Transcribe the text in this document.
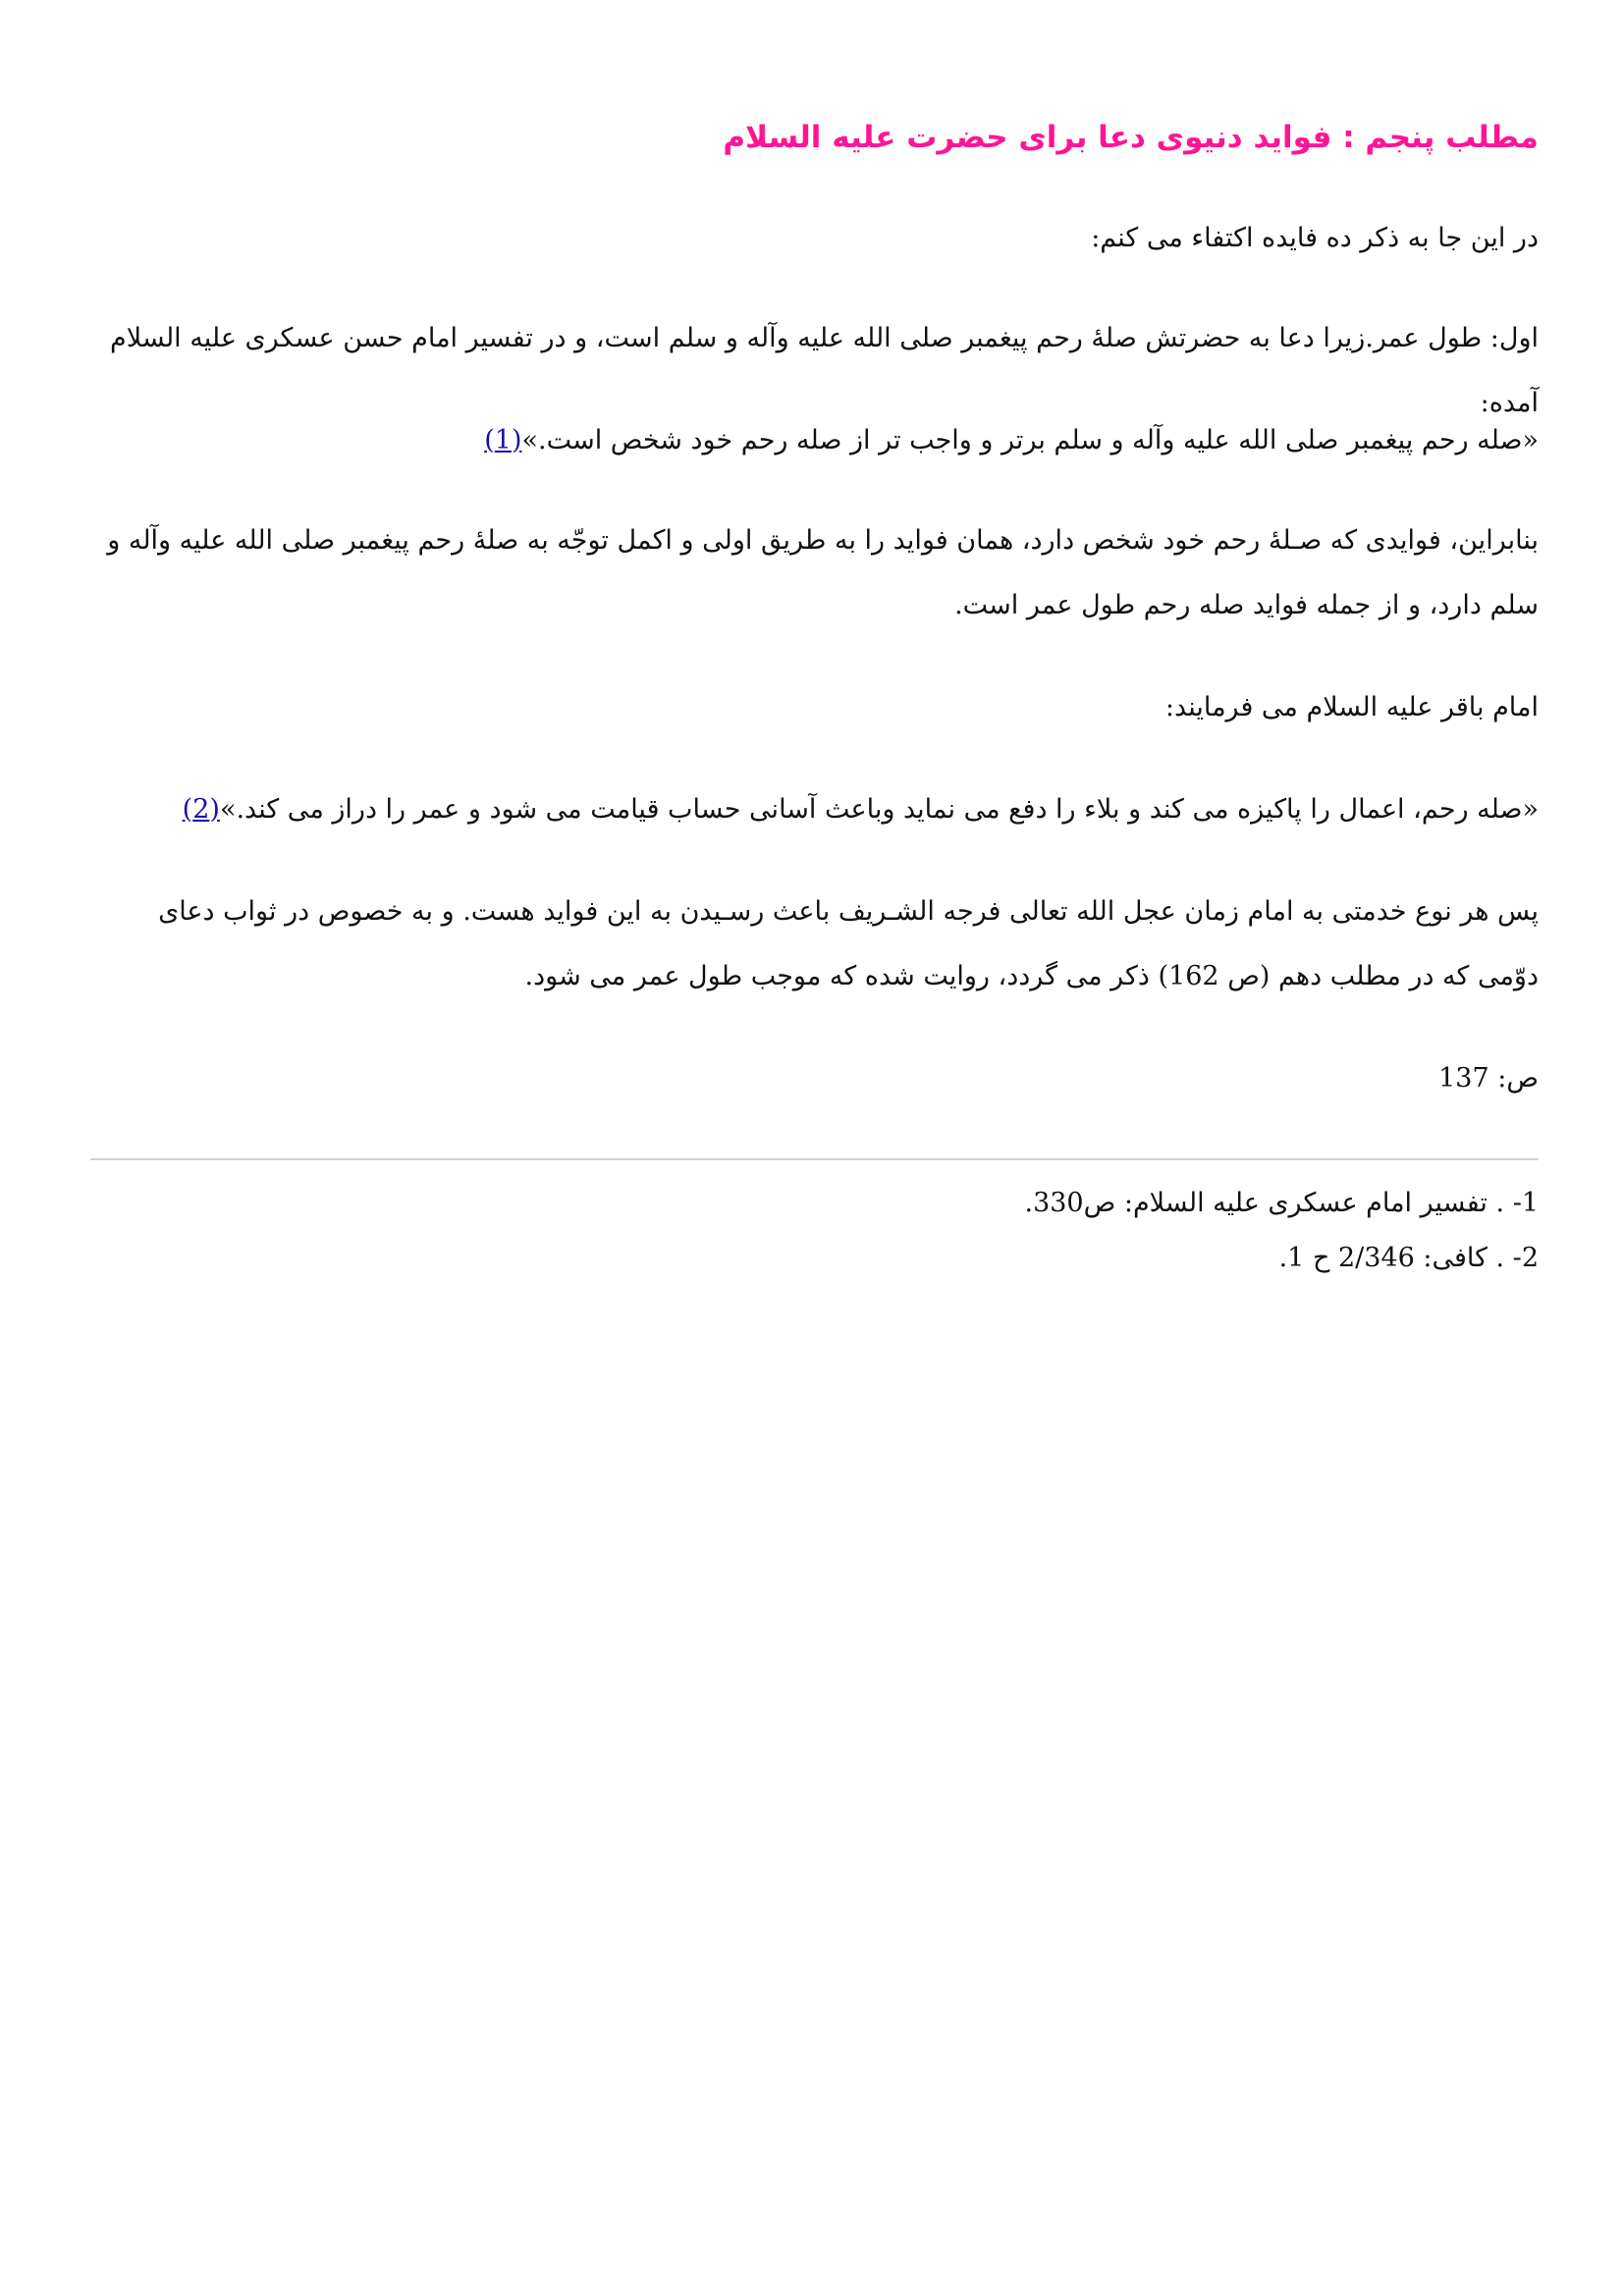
مطلب پنجم : فواید دنیوی دعا برای حضرت علیه السلام

در این جا به ذکر ده فایده اکتفاء می کنم:

اول: طول عمر.زیرا دعا به حضرتش صلهٔ رحم پیغمبر صلی الله علیه وآله و سلم است، و در تفسیر امام حسن عسکری علیه السلام آمده:

«صله رحم پیغمبر صلی الله علیه وآله و سلم برتر و واجب تر از صله رحم خود شخص است.»(1)

بنابراین، فوایدی که صـلهٔ رحم خود شخص دارد، همان فواید را به طریق اولی و اکمل توجّه به صلهٔ رحم پیغمبر صلی الله علیه وآله و سلم دارد، و از جمله فواید صله رحم طول عمر است.

امام باقر علیه السلام می فرمایند:

«صله رحم، اعمال را پاکیزه می کند و بلاء را دفع می نماید وباعث آسانی حساب قیامت می شود و عمر را دراز می کند.»(2)

پس هر نوع خدمتی به امام زمان عجل الله تعالی فرجه الشـریف باعث رسـیدن به این فواید هست. و به خصوص در ثواب دعای دوّمی که در مطلب دهم (ص 162) ذکر می گردد، روایت شده که موجب طول عمر می شود.

ص: 137

1- . تفسیر امام عسکری علیه السلام: ص330.
2- . کافی: 2/346 ح 1.
